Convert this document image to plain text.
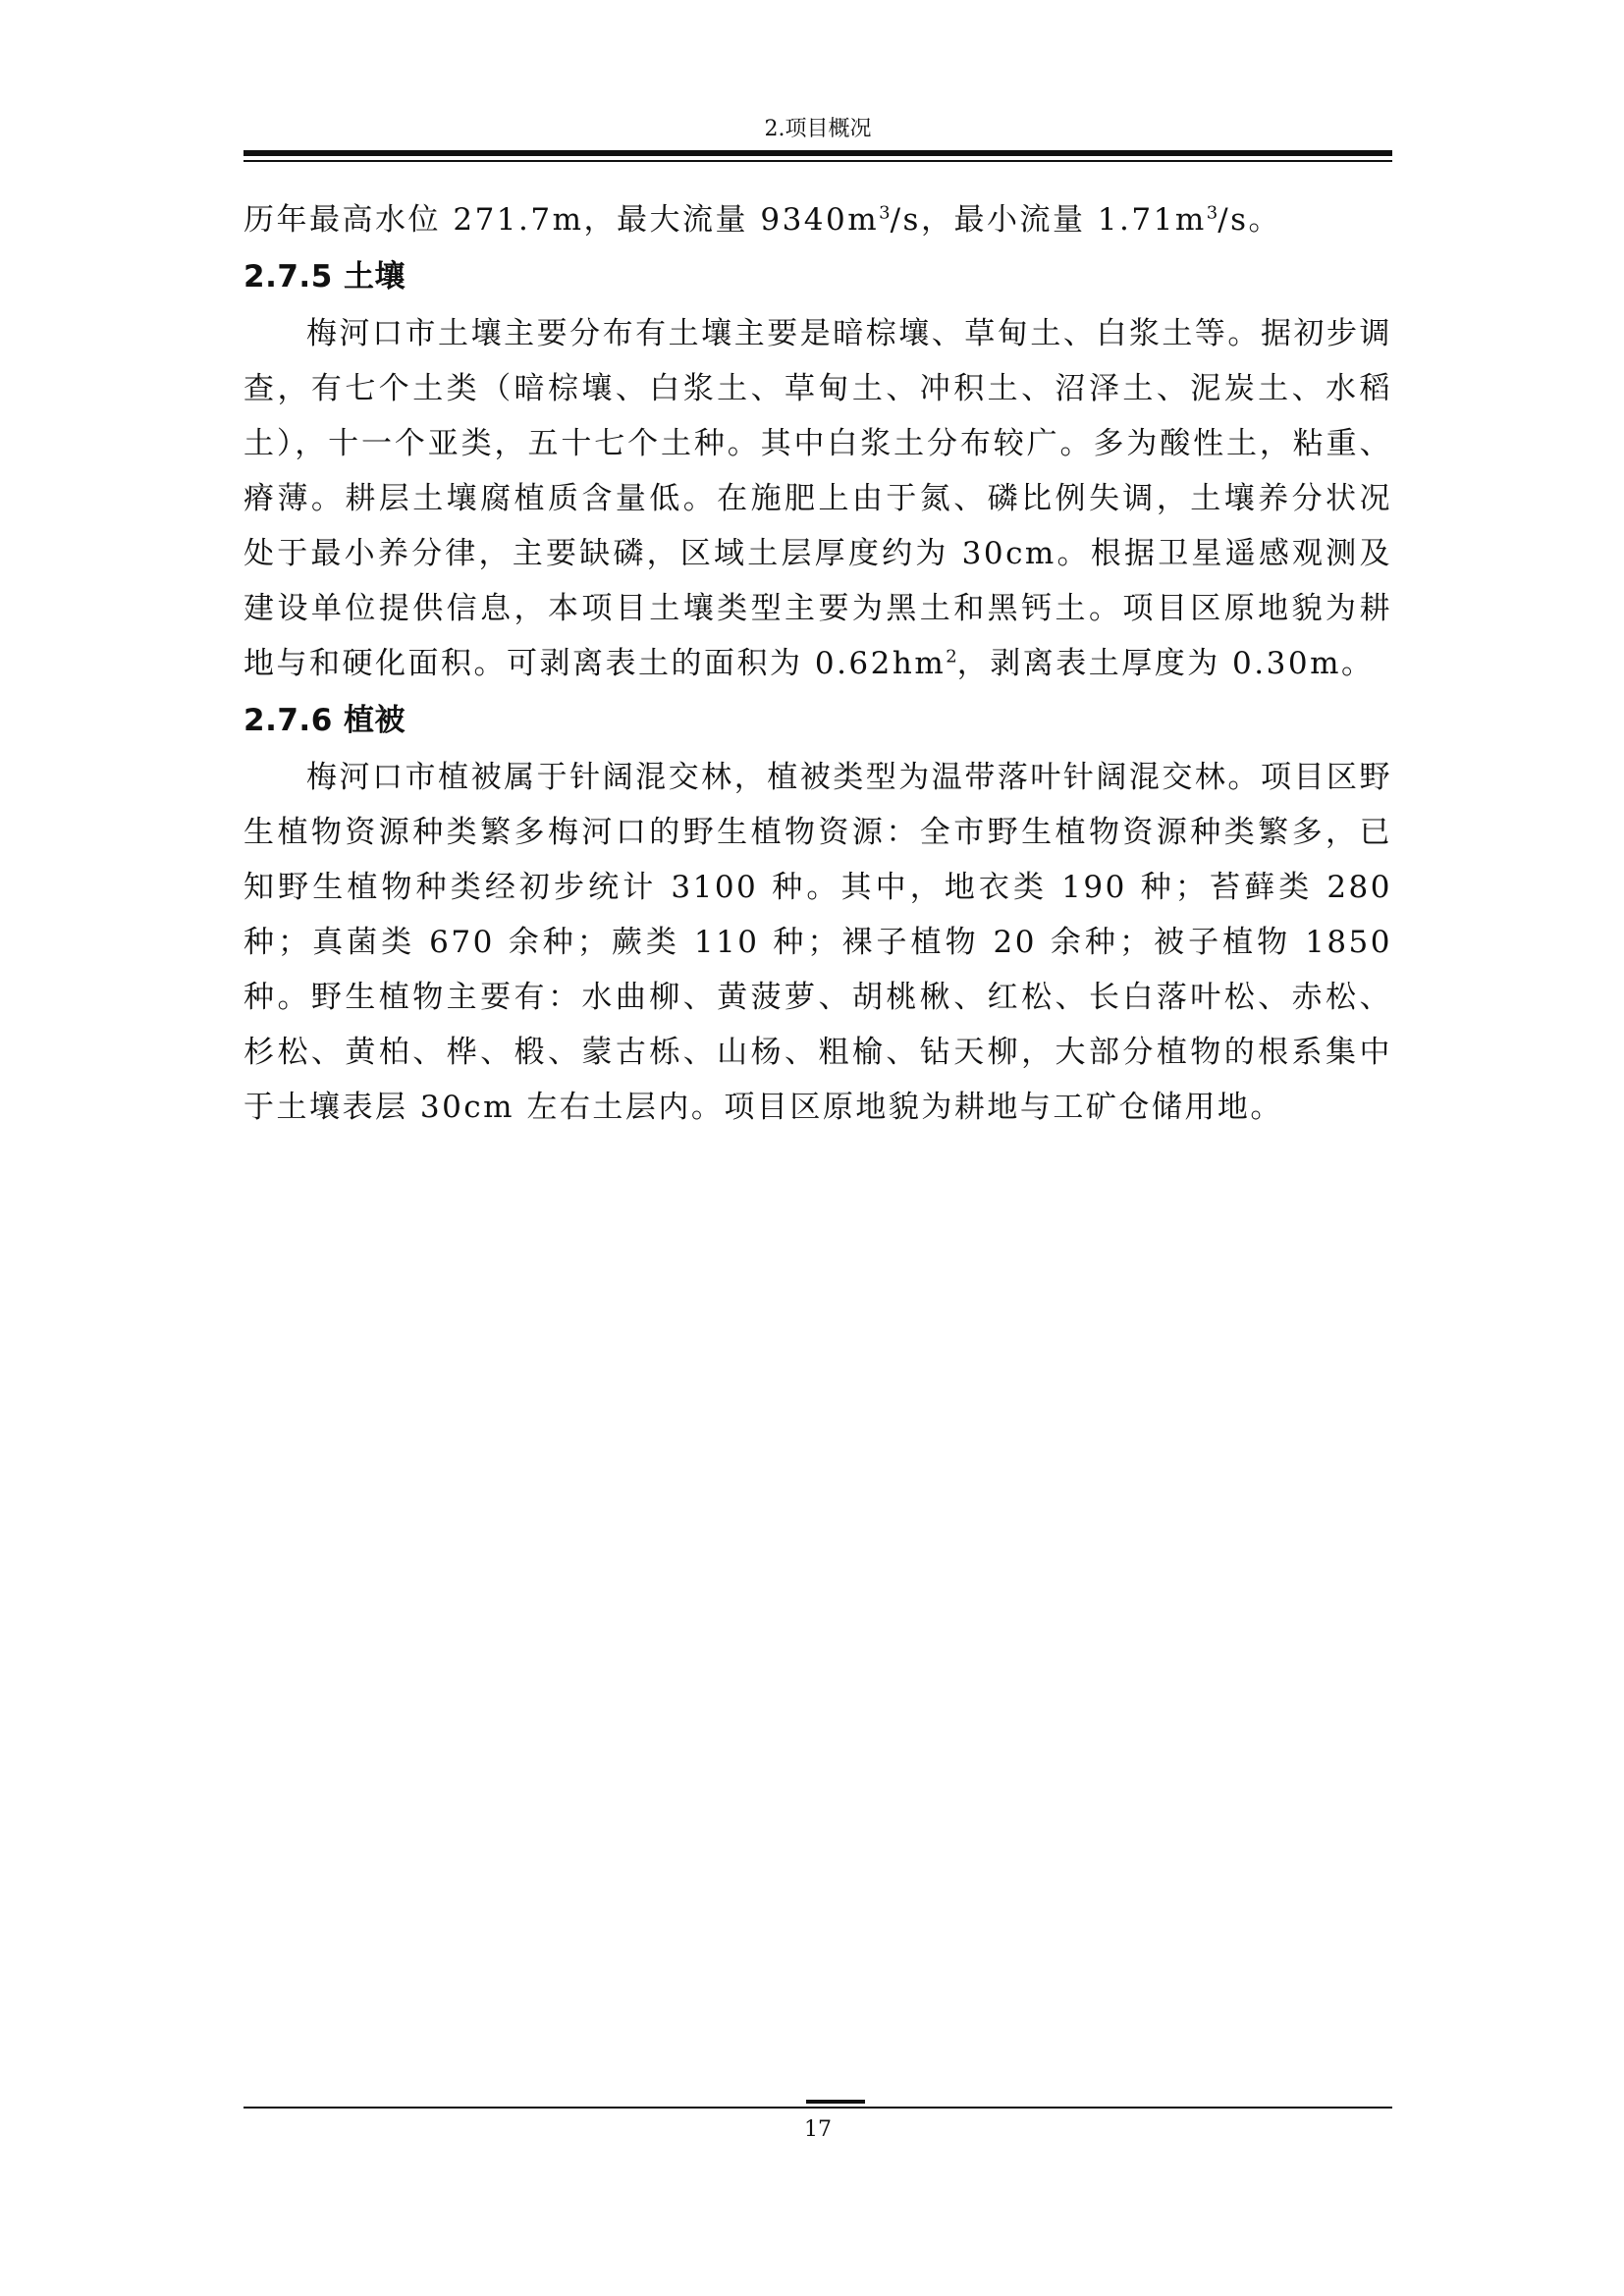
2.项目概况

历年最高水位 271.7m，最大流量 $9340m^3/s$，最小流量 $1.71m^3/s$。

2.7.5 土壤

梅河口市土壤主要分布有土壤主要是暗棕壤、草甸土、白浆土等。据初步调查，有七个土类（暗棕壤、白浆土、草甸土、冲积土、沼泽土、泥炭土、水稻土），十一个亚类，五十七个土种。其中白浆土分布较广。多为酸性土，粘重、瘠薄。耕层土壤腐植质含量低。在施肥上由于氮、磷比例失调，土壤养分状况处于最小养分律，主要缺磷，区域土层厚度约为 30cm。根据卫星遥感观测及建设单位提供信息，本项目土壤类型主要为黑土和黑钙土。项目区原地貌为耕地与和硬化面积。可剥离表土的面积为 $0.62hm^2$，剥离表土厚度为 0.30m。

2.7.6 植被

梅河口市植被属于针阔混交林，植被类型为温带落叶针阔混交林。项目区野生植物资源种类繁多梅河口的野生植物资源：全市野生植物资源种类繁多，已知野生植物种类经初步统计 3100 种。其中，地衣类 190 种；苔藓类 280 种；真菌类 670 余种；蕨类 110 种；裸子植物 20 余种；被子植物 1850 种。野生植物主要有：水曲柳、黄菠萝、胡桃楸、红松、长白落叶松、赤松、杉松、黄柏、桦、椴、蒙古栎、山杨、粗榆、钻天柳，大部分植物的根系集中于土壤表层 30cm 左右土层内。项目区原地貌为耕地与工矿仓储用地。

17
